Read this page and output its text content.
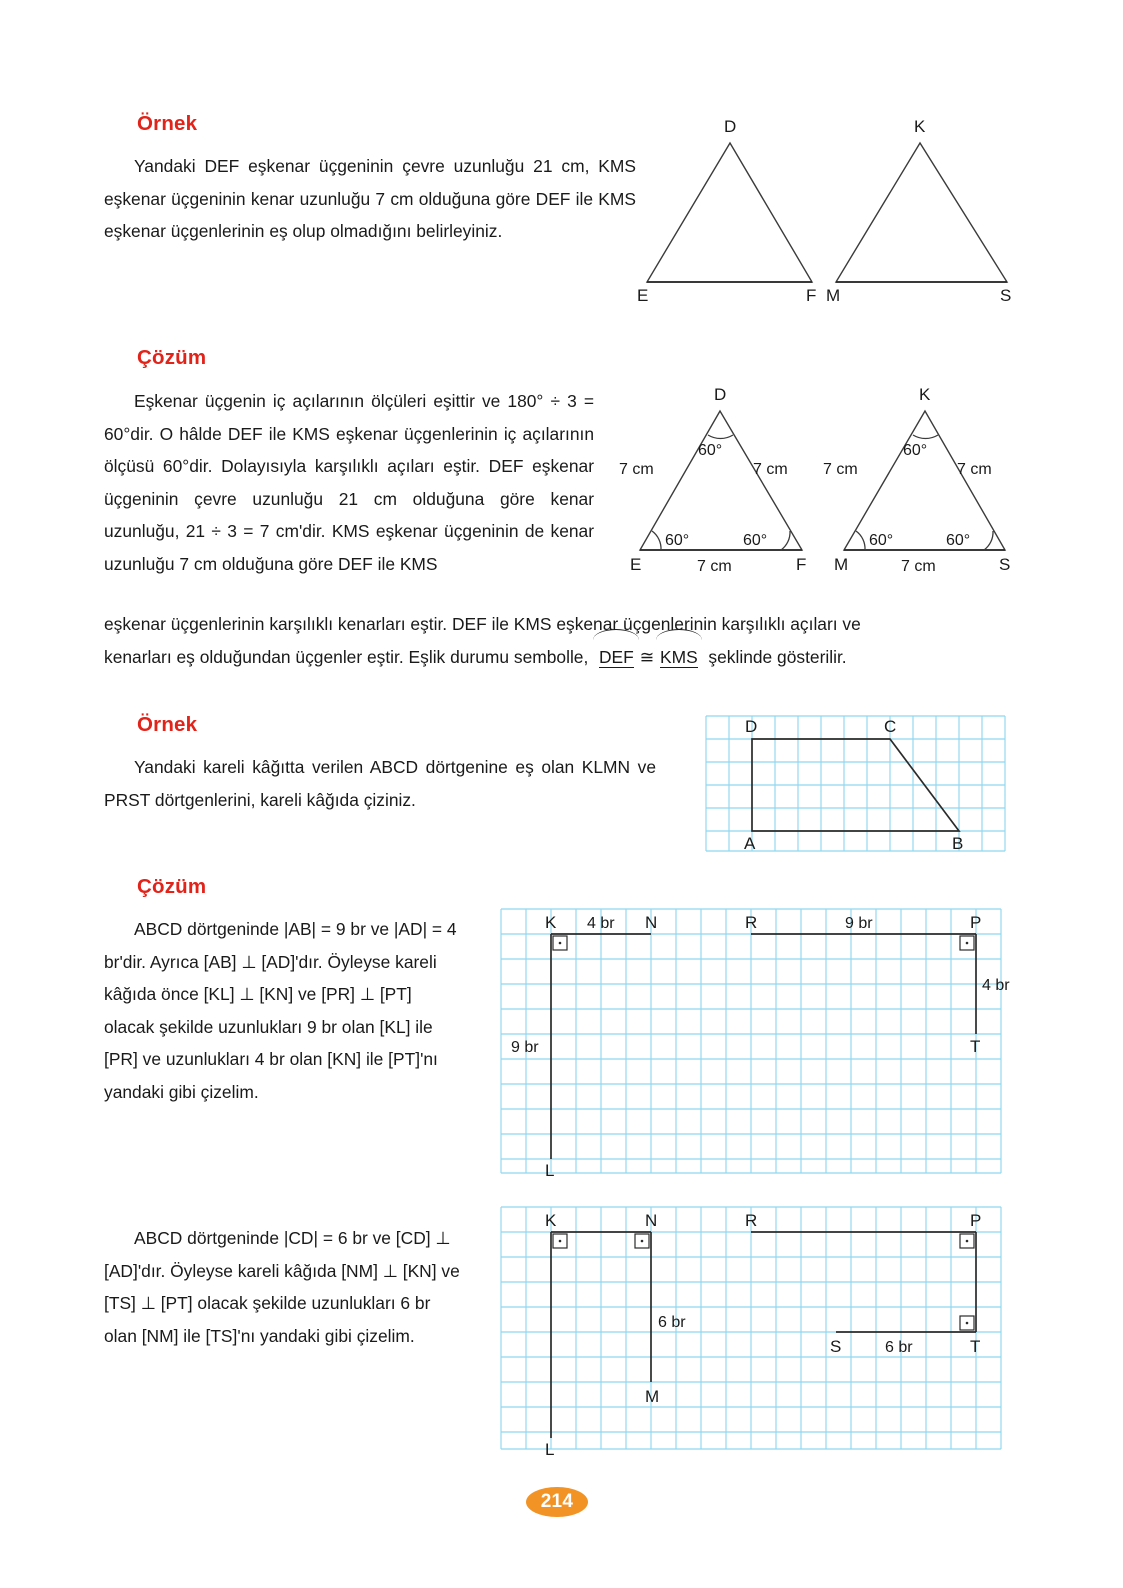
Örnek
Yandaki DEF eşkenar üçgeninin çevre uzunluğu 21 cm, KMS eşkenar üçgeninin kenar uzunluğu 7 cm olduğuna göre DEF ile KMS eşkenar üçgenlerinin eş olup olmadığını belirleyiniz.
D
E	F
K
M	S
Çözüm
Eşkenar üçgenin iç açılarının ölçüleri eşittir ve 180° ÷ 3 = 60°dir. O hâlde DEF ile KMS eşkenar üçgenlerinin iç açılarının ölçüsü 60°dir. Dolayısıyla karşılıklı açıları eştir. DEF eşkenar üçgeninin çevre uzunluğu 21 cm olduğuna göre kenar uzunluğu, 21 ÷ 3 = 7 cm'dir. KMS eşkenar üçgeninin de kenar uzunluğu 7 cm olduğuna göre DEF ile KMS
D
E	F
60°
60°	60°
7 cm	7 cm
7 cm
K
M	S
60°
60°	60°
7 cm	7 cm
7 cm
eşkenar üçgenlerinin karşılıklı kenarları eştir. DEF ile KMS eşkenar üçgenlerinin karşılıklı açıları ve
kenarları eş olduğundan üçgenler eştir. Eşlik durumu sembolle, DEF ≅ KMS şeklinde gösterilir.
Örnek
Yandaki kareli kâğıtta verilen ABCD dörtgenine eş olan KLMN ve PRST dörtgenlerini, kareli kâğıda çiziniz.
A	B
C
D
Çözüm
ABCD dörtgeninde |AB| = 9 br ve |AD| = 4 br'dir. Ayrıca [AB] ⊥ [AD]'dır. Öyleyse kareli kâğıda önce [KL] ⊥ [KN] ve [PR] ⊥ [PT] olacak şekilde uzunlukları 9 br olan [KL] ile [PR] ve uzunlukları 4 br olan [KN] ile [PT]'nı yandaki gibi çizelim.
K	N
L
4 br
9 br
R	P
T
9 br
4 br
ABCD dörtgeninde |CD| = 6 br ve [CD] ⊥ [AD]'dır. Öyleyse kareli kâğıda [NM] ⊥ [KN] ve [TS] ⊥ [PT] olacak şekilde uzunlukları 6 br olan [NM] ile [TS]'nı yandaki gibi çizelim.
K	N
M
L
6 br
R	P
T
S	6 br
214
